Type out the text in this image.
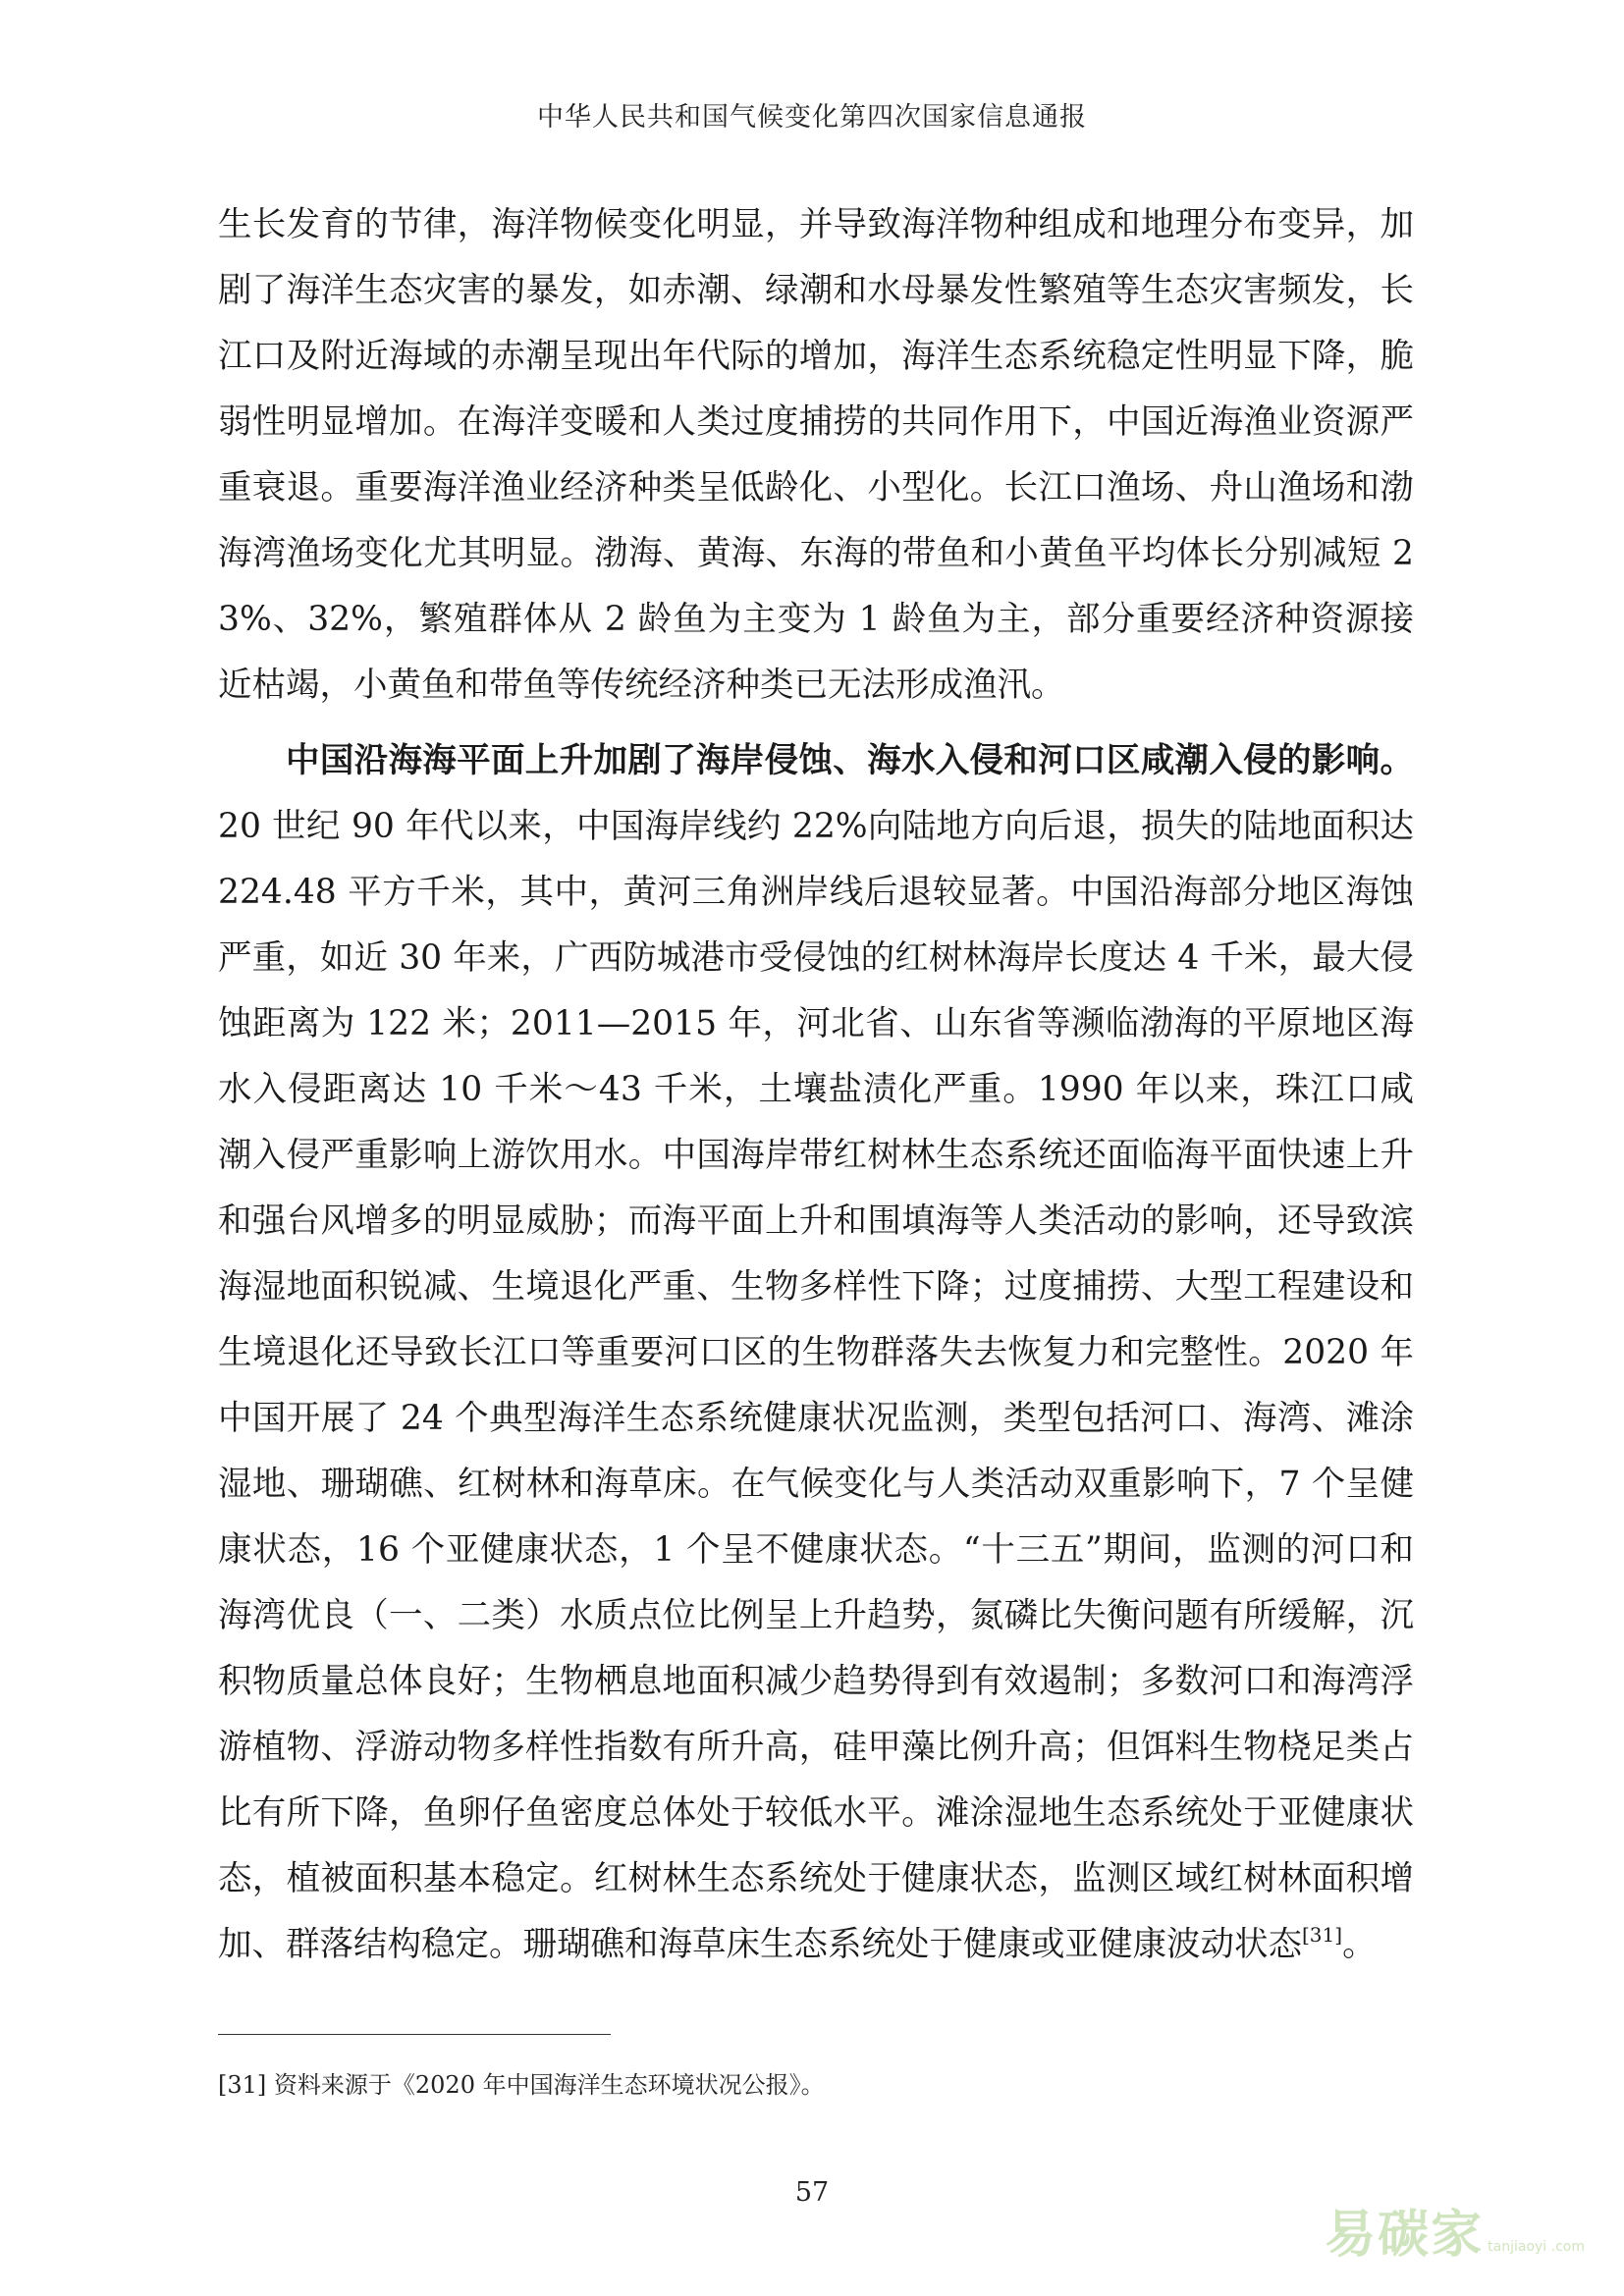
中华人民共和国气候变化第四次国家信息通报

生长发育的节律，海洋物候变化明显，并导致海洋物种组成和地理分布变异，加剧了海洋生态灾害的暴发，如赤潮、绿潮和水母暴发性繁殖等生态灾害频发，长江口及附近海域的赤潮呈现出年代际的增加，海洋生态系统稳定性明显下降，脆弱性明显增加。在海洋变暖和人类过度捕捞的共同作用下，中国近海渔业资源严重衰退。重要海洋渔业经济种类呈低龄化、小型化。长江口渔场、舟山渔场和渤海湾渔场变化尤其明显。渤海、黄海、东海的带鱼和小黄鱼平均体长分别减短 23%、32%，繁殖群体从 2 龄鱼为主变为 1 龄鱼为主，部分重要经济种资源接近枯竭，小黄鱼和带鱼等传统经济种类已无法形成渔汛。

中国沿海海平面上升加剧了海岸侵蚀、海水入侵和河口区咸潮入侵的影响。20 世纪 90 年代以来，中国海岸线约 22%向陆地方向后退，损失的陆地面积达 224.48 平方千米，其中，黄河三角洲岸线后退较显著。中国沿海部分地区海蚀严重，如近 30 年来，广西防城港市受侵蚀的红树林海岸长度达 4 千米，最大侵蚀距离为 122 米；2011—2015 年，河北省、山东省等濒临渤海的平原地区海水入侵距离达 10 千米～43 千米，土壤盐渍化严重。1990 年以来，珠江口咸潮入侵严重影响上游饮用水。中国海岸带红树林生态系统还面临海平面快速上升和强台风增多的明显威胁；而海平面上升和围填海等人类活动的影响，还导致滨海湿地面积锐减、生境退化严重、生物多样性下降；过度捕捞、大型工程建设和生境退化还导致长江口等重要河口区的生物群落失去恢复力和完整性。2020 年中国开展了 24 个典型海洋生态系统健康状况监测，类型包括河口、海湾、滩涂湿地、珊瑚礁、红树林和海草床。在气候变化与人类活动双重影响下，7 个呈健康状态，16 个亚健康状态，1 个呈不健康状态。“十三五”期间，监测的河口和海湾优良（一、二类）水质点位比例呈上升趋势，氮磷比失衡问题有所缓解，沉积物质量总体良好；生物栖息地面积减少趋势得到有效遏制；多数河口和海湾浮游植物、浮游动物多样性指数有所升高，硅甲藻比例升高；但饵料生物桡足类占比有所下降，鱼卵仔鱼密度总体处于较低水平。滩涂湿地生态系统处于亚健康状态，植被面积基本稳定。红树林生态系统处于健康状态，监测区域红树林面积增加、群落结构稳定。珊瑚礁和海草床生态系统处于健康或亚健康波动状态[31]。

[31] 资料来源于《2020 年中国海洋生态环境状况公报》。
57
易碳家 tanjiaoyi .com
